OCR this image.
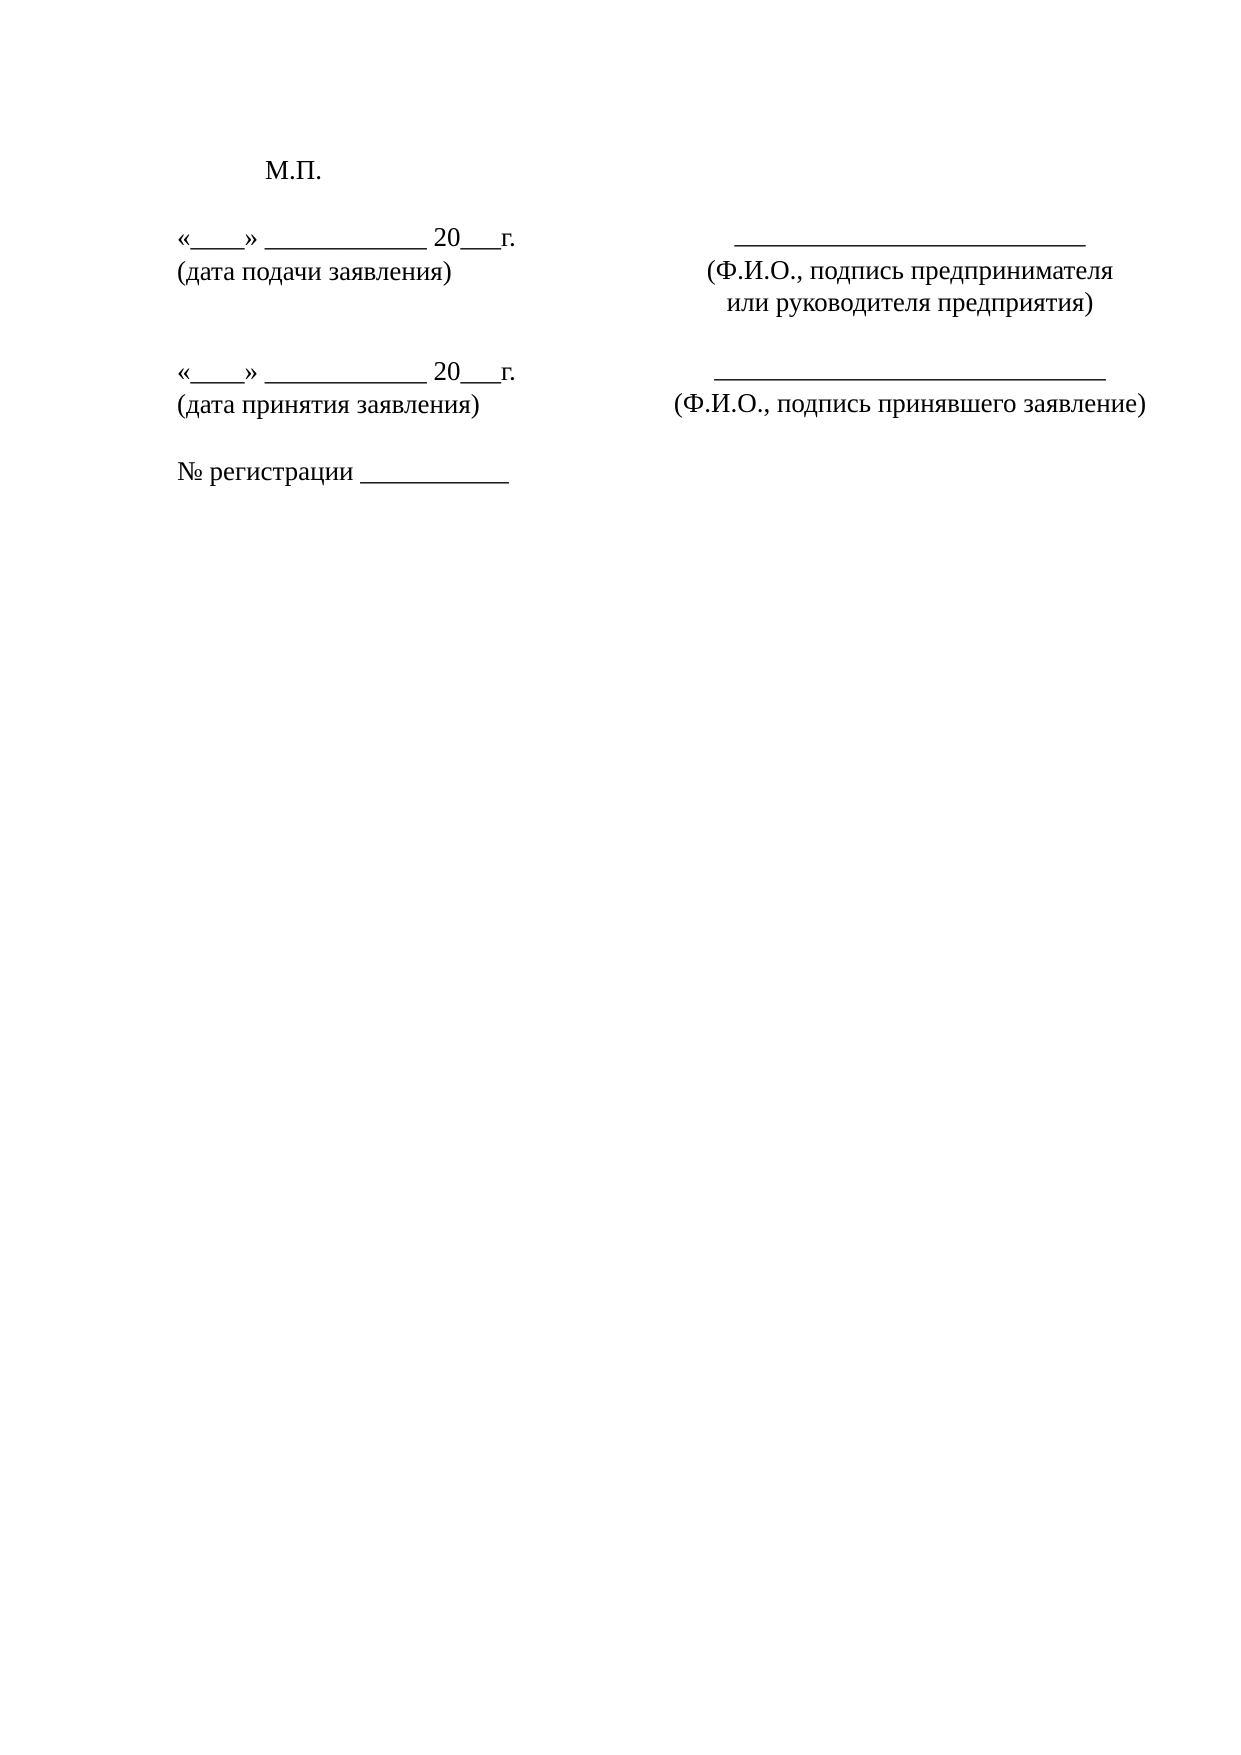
М.П.
«____» ____________ 20___г.
(дата подачи заявления)
__________________________
(Ф.И.О., подпись предпринимателя
или руководителя предприятия)
«____» ____________ 20___г.
(дата принятия заявления)
_____________________________
(Ф.И.О., подпись принявшего заявление)
№ регистрации ___________
